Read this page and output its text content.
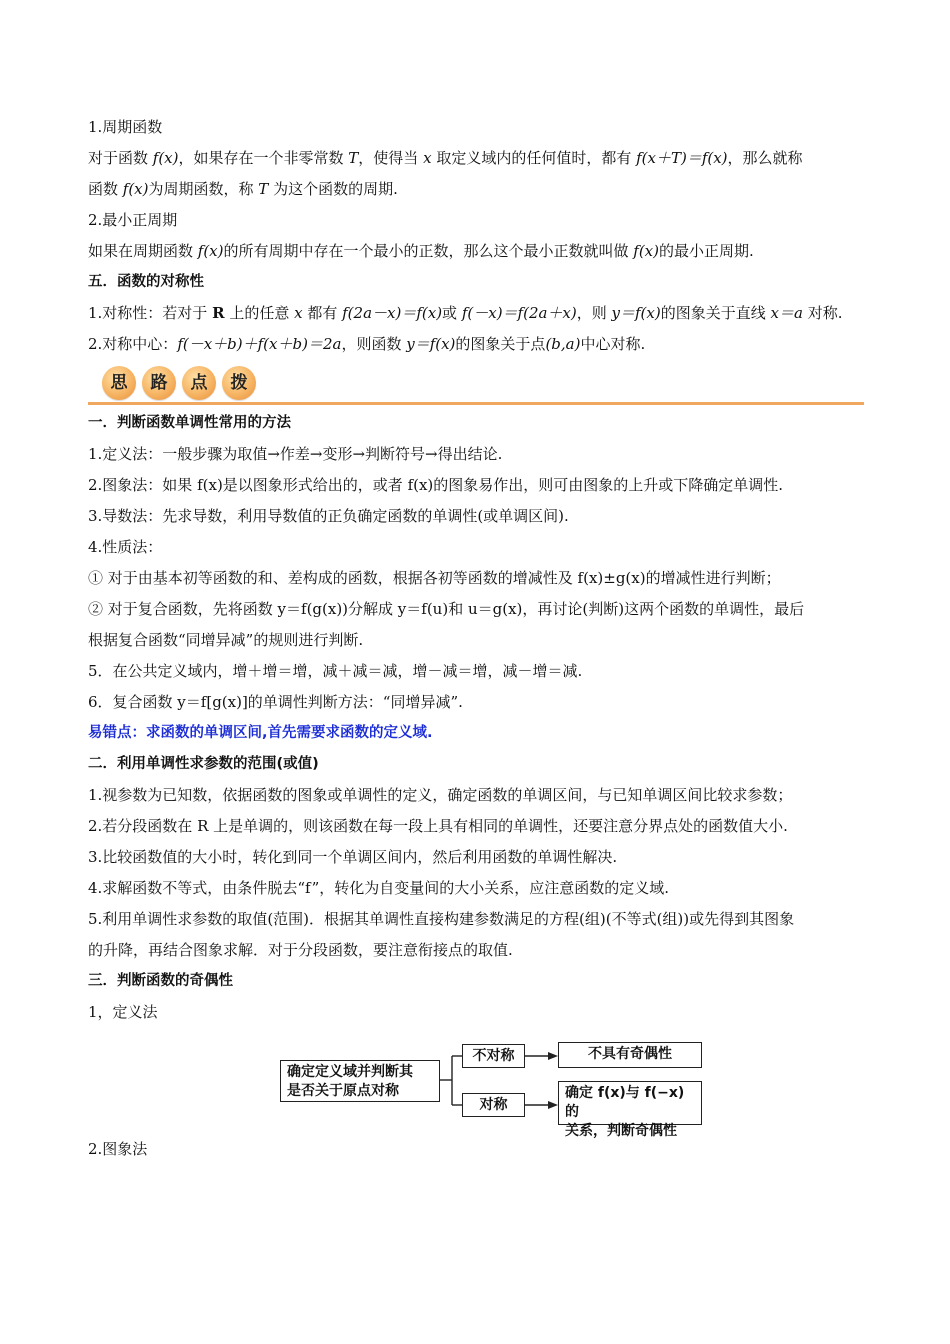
1.周期函数

对于函数 f(x)，如果存在一个非零常数 T，使得当 x 取定义域内的任何值时，都有 f(x＋T)＝f(x)，那么就称

函数 f(x)为周期函数，称 T 为这个函数的周期.

2.最小正周期

如果在周期函数 f(x)的所有周期中存在一个最小的正数，那么这个最小正数就叫做 f(x)的最小正周期.

五．函数的对称性

1.对称性：若对于 R 上的任意 x 都有 f(2a－x)＝f(x)或 f(－x)＝f(2a＋x)，则 y＝f(x)的图象关于直线 x＝a 对称.

2.对称中心：f(－x＋b)＋f(x＋b)＝2a，则函数 y＝f(x)的图象关于点(b,a)中心对称.

思	路	点	拨

一．判断函数单调性常用的方法

1.定义法：一般步骤为取值→作差→变形→判断符号→得出结论.

2.图象法：如果 f(x)是以图象形式给出的，或者 f(x)的图象易作出，则可由图象的上升或下降确定单调性.

3.导数法：先求导数，利用导数值的正负确定函数的单调性(或单调区间).

4.性质法：

① 对于由基本初等函数的和、差构成的函数，根据各初等函数的增减性及 f(x)±g(x)的增减性进行判断；

② 对于复合函数，先将函数 y＝f(g(x))分解成 y＝f(u)和 u＝g(x)，再讨论(判断)这两个函数的单调性，最后

根据复合函数“同增异减”的规则进行判断.

5．在公共定义域内，增＋增＝增，减＋减＝减，增－减＝增，减－增＝减.

6．复合函数 y＝f[g(x)]的单调性判断方法：“同增异减”.

易错点：求函数的单调区间,首先需要求函数的定义域.

二．利用单调性求参数的范围(或值)

1.视参数为已知数，依据函数的图象或单调性的定义，确定函数的单调区间，与已知单调区间比较求参数；

2.若分段函数在 R 上是单调的，则该函数在每一段上具有相同的单调性，还要注意分界点处的函数值大小.

3.比较函数值的大小时，转化到同一个单调区间内，然后利用函数的单调性解决.

4.求解函数不等式，由条件脱去“f”，转化为自变量间的大小关系，应注意函数的定义域.

5.利用单调性求参数的取值(范围)．根据其单调性直接构建参数满足的方程(组)(不等式(组))或先得到其图象

的升降，再结合图象求解．对于分段函数，要注意衔接点的取值.

三．判断函数的奇偶性

1，定义法

确定定义域并判断其
是否关于原点对称
不对称	不具有奇偶性
对称
确定 f(x)与 f(−x)的
关系，判断奇偶性

2.图象法
